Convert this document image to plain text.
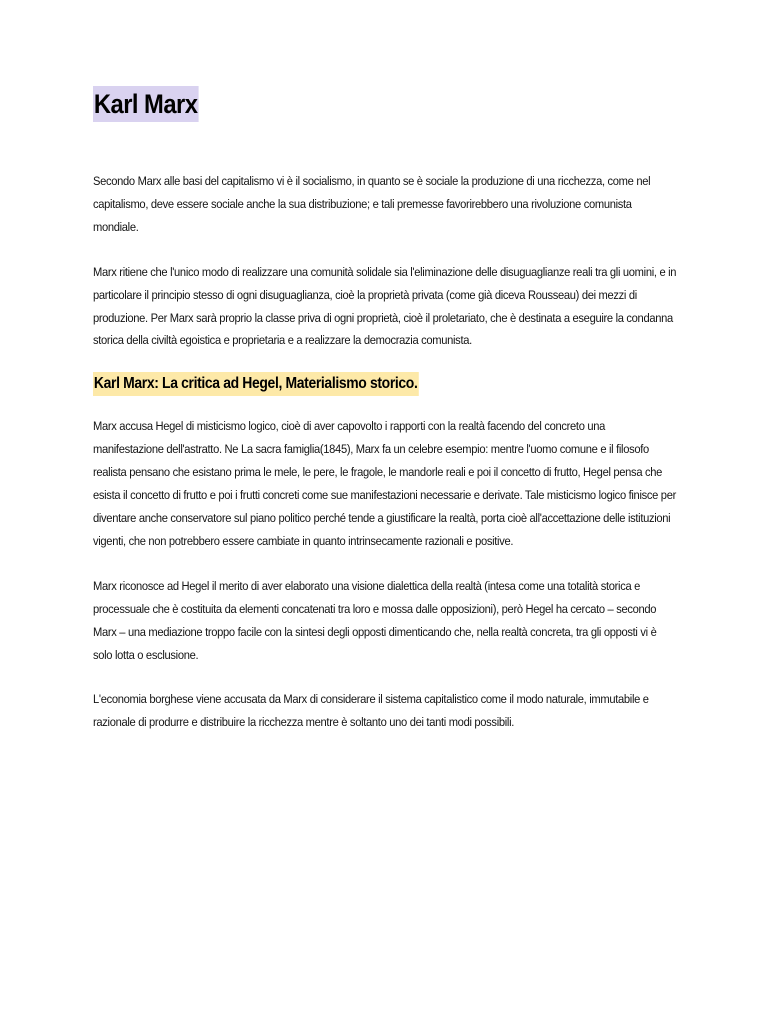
Karl Marx

Secondo Marx alle basi del capitalismo vi è il socialismo, in quanto se è sociale la produzione di una ricchezza, come nel capitalismo, deve essere sociale anche la sua distribuzione; e tali premesse favorirebbero una rivoluzione comunista mondiale.

Marx ritiene che l'unico modo di realizzare una comunità solidale sia l'eliminazione delle disuguaglianze reali tra gli uomini, e in particolare il principio stesso di ogni disuguaglianza, cioè la proprietà privata (come già diceva Rousseau) dei mezzi di produzione. Per Marx sarà proprio la classe priva di ogni proprietà, cioè il proletariato, che è destinata a eseguire la condanna storica della civiltà egoistica e proprietaria e a realizzare la democrazia comunista.

Karl Marx: La critica ad Hegel, Materialismo storico.

Marx accusa Hegel di misticismo logico, cioè di aver capovolto i rapporti con la realtà facendo del concreto una manifestazione dell'astratto. Ne La sacra famiglia(1845), Marx fa un celebre esempio: mentre l'uomo comune e il filosofo realista pensano che esistano prima le mele, le pere, le fragole, le mandorle reali e poi il concetto di frutto, Hegel pensa che esista il concetto di frutto e poi i frutti concreti come sue manifestazioni necessarie e derivate. Tale misticismo logico finisce per diventare anche conservatore sul piano politico perché tende a giustificare la realtà, porta cioè all'accettazione delle istituzioni vigenti, che non potrebbero essere cambiate in quanto intrinsecamente razionali e positive.

Marx riconosce ad Hegel il merito di aver elaborato una visione dialettica della realtà (intesa come una totalità storica e processuale che è costituita da elementi concatenati tra loro e mossa dalle opposizioni), però Hegel ha cercato – secondo Marx – una mediazione troppo facile con la sintesi degli opposti dimenticando che, nella realtà concreta, tra gli opposti vi è solo lotta o esclusione.

L'economia borghese viene accusata da Marx di considerare il sistema capitalistico come il modo naturale, immutabile e razionale di produrre e distribuire la ricchezza mentre è soltanto uno dei tanti modi possibili.
